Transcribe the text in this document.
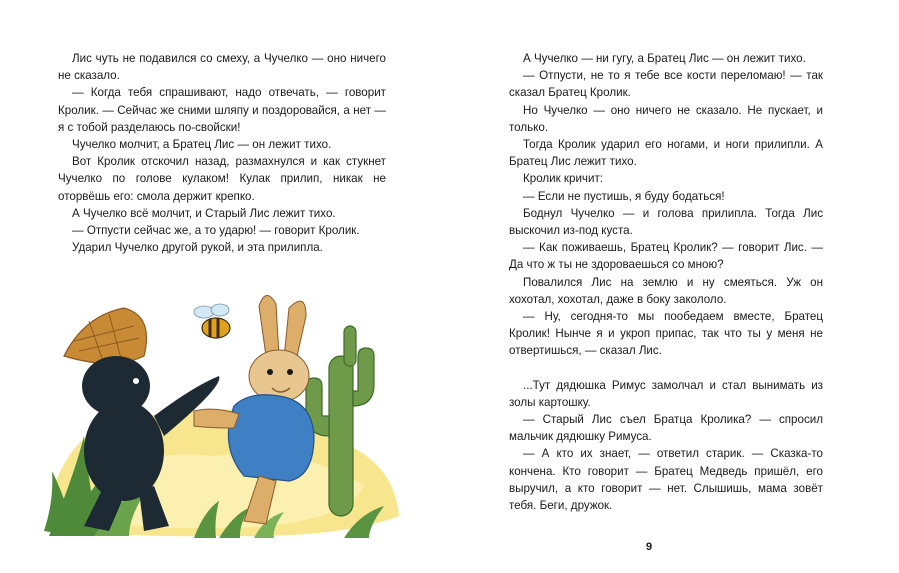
Лис чуть не подавился со смеху, а Чучелко — оно ничего не сказало.

— Когда тебя спрашивают, надо отвечать, — говорит Кролик. — Сейчас же сними шляпу и поздоровайся, а нет — я с тобой разделаюсь по-свойски!

Чучелко молчит, а Братец Лис — он лежит тихо.

Вот Кролик отскочил назад, размахнулся и как стукнет Чучелко по голове кулаком! Кулак прилип, никак не оторвёшь его: смола держит крепко.

А Чучелко всё молчит, и Старый Лис лежит тихо.

— Отпусти сейчас же, а то ударю! — говорит Кролик.

Ударил Чучелко другой рукой, и эта прилипла.

А Чучелко — ни гугу, а Братец Лис — он лежит тихо.

— Отпусти, не то я тебе все кости переломаю! — так сказал Братец Кролик.

Но Чучелко — оно ничего не сказало. Не пускает, и только.

Тогда Кролик ударил его ногами, и ноги прилипли. А Братец Лис лежит тихо.

Кролик кричит:

— Если не пустишь, я буду бодаться!

Боднул Чучелко — и голова прилипла. Тогда Лис выскочил из-под куста.

— Как поживаешь, Братец Кролик? — говорит Лис. — Да что ж ты не здороваешься со мною?

Повалился Лис на землю и ну смеяться. Уж он хохотал, хохотал, даже в боку закололо.

— Ну, сегодня-то мы пообедаем вместе, Братец Кролик! Нынче я и укроп припас, так что ты у меня не отвертишься, — сказал Лис.

...Тут дядюшка Римус замолчал и стал вынимать из золы картошку.

— Старый Лис съел Братца Кролика? — спросил мальчик дядюшку Римуса.

— А кто их знает, — ответил старик. — Сказка-то кончена. Кто говорит — Братец Медведь пришёл, его выручил, а кто говорит — нет. Слышишь, мама зовёт тебя. Беги, дружок.

9
